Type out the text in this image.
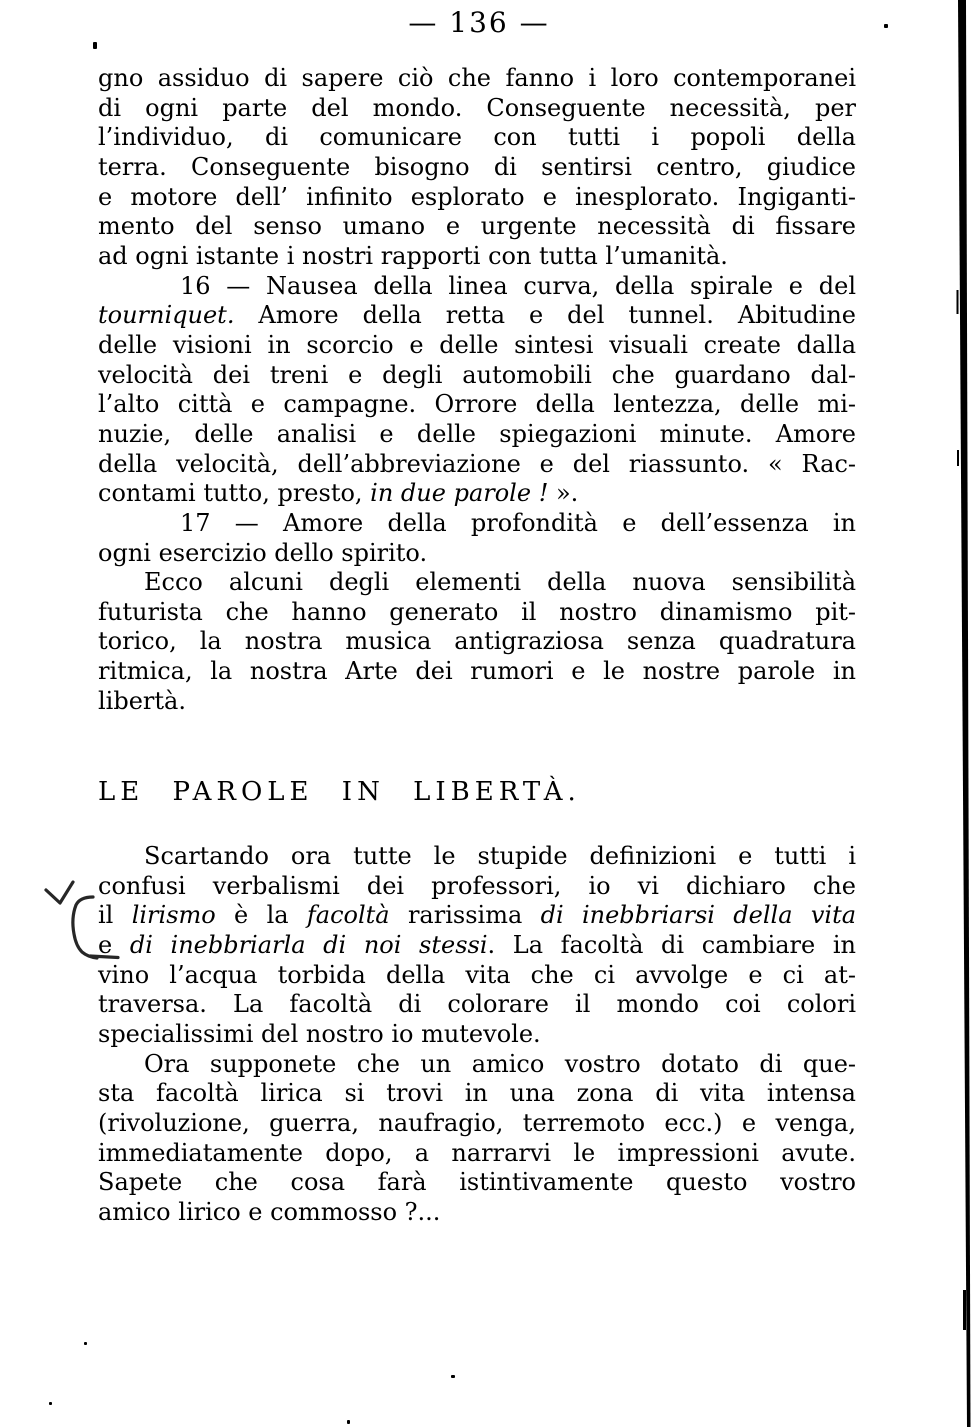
— 136 —
gno assiduo di sapere ciò che fanno i loro contemporanei
di ogni parte del mondo. Conseguente necessità, per
l’individuo, di comunicare con tutti i popoli della
terra. Conseguente bisogno di sentirsi centro, giudice
e motore dell’ infinito esplorato e inesplorato. Ingiganti-
mento del senso umano e urgente necessità di fissare
ad ogni istante i nostri rapporti con tutta l’umanità.
16 — Nausea della linea curva, della spirale e del
tourniquet. Amore della retta e del tunnel. Abitudine
delle visioni in scorcio e delle sintesi visuali create dalla
velocità dei treni e degli automobili che guardano dal-
l’alto città e campagne. Orrore della lentezza, delle mi-
nuzie, delle analisi e delle spiegazioni minute. Amore
della velocità, dell’abbreviazione e del riassunto. « Rac-
contami tutto, presto, in due parole ! ».
17 — Amore della profondità e dell’essenza in
ogni esercizio dello spirito.
Ecco alcuni degli elementi della nuova sensibilità
futurista che hanno generato il nostro dinamismo pit-
torico, la nostra musica antigraziosa senza quadratura
ritmica, la nostra Arte dei rumori e le nostre parole in
libertà.
LE PAROLE IN LIBERTÀ.
Scartando ora tutte le stupide definizioni e tutti i
confusi verbalismi dei professori, io vi dichiaro che
il lirismo è la facoltà rarissima di inebbriarsi della vita
e di inebbriarla di noi stessi. La facoltà di cambiare in
vino l’acqua torbida della vita che ci avvolge e ci at-
traversa. La facoltà di colorare il mondo coi colori
specialissimi del nostro io mutevole.
Ora supponete che un amico vostro dotato di que-
sta facoltà lirica si trovi in una zona di vita intensa
(rivoluzione, guerra, naufragio, terremoto ecc.) e venga,
immediatamente dopo, a narrarvi le impressioni avute.
Sapete che cosa farà istintivamente questo vostro
amico lirico e commosso ?...
